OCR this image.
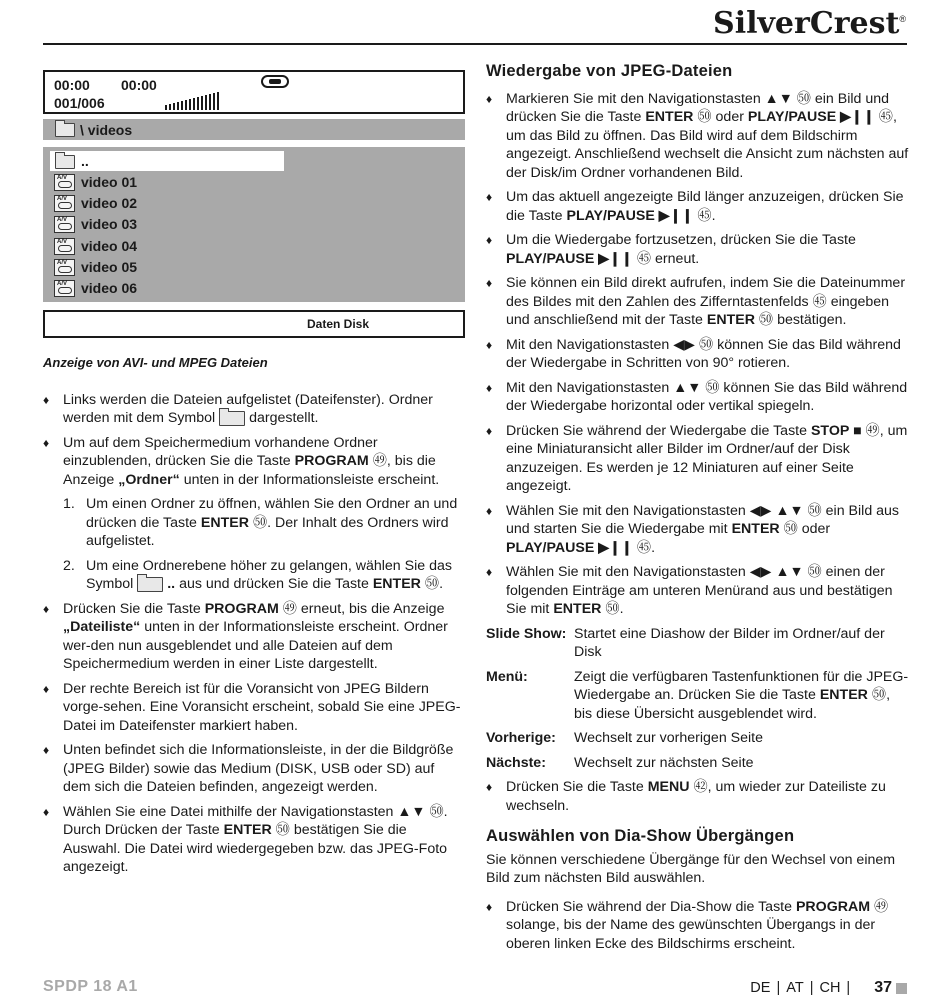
SilverCrest®
00:00 00:00
001/006
\ videos
..
A/V video 01
A/V video 02
A/V video 03
A/V video 04
A/V video 05
A/V video 06
Daten Disk

Anzeige von AVI- und MPEG Dateien

♦ Links werden die Dateien aufgelistet (Dateifenster). Ordner werden mit dem Symbol dargestellt.

♦ Um auf dem Speichermedium vorhandene Ordner einzublenden, drücken Sie die Taste PROGRAM ㊾, bis die Anzeige „Ordner“ unten in der Informationsleiste erscheint.

1. Um einen Ordner zu öffnen, wählen Sie den Ordner an und drücken die Taste ENTER ㊿. Der Inhalt des Ordners wird aufgelistet.

2. Um eine Ordnerebene höher zu gelangen, wählen Sie das Symbol .. aus und drücken Sie die Taste ENTER ㊿.

♦ Drücken Sie die Taste PROGRAM ㊾ erneut, bis die Anzeige „Dateiliste“ unten in der Informationsleiste erscheint. Ordner wer-den nun ausgeblendet und alle Dateien auf dem Speichermedium werden in einer Liste dargestellt.

♦ Der rechte Bereich ist für die Voransicht von JPEG Bildern vorge-sehen. Eine Voransicht erscheint, sobald Sie eine JPEG-Datei im Dateifenster markiert haben.

♦ Unten befindet sich die Informationsleiste, in der die Bildgröße (JPEG Bilder) sowie das Medium (DISK, USB oder SD) auf dem sich die Dateien befinden, angezeigt werden.

♦ Wählen Sie eine Datei mithilfe der Navigationstasten ▲▼ ㊿. Durch Drücken der Taste ENTER ㊿ bestätigen Sie die Auswahl. Die Datei wird wiedergegeben bzw. das JPEG-Foto angezeigt.

Wiedergabe von JPEG-Dateien

♦ Markieren Sie mit den Navigationstasten ▲▼ ㊿ ein Bild und drücken Sie die Taste ENTER ㊿ oder PLAY/PAUSE ▶❙❙ ㊺, um das Bild zu öffnen. Das Bild wird auf dem Bildschirm angezeigt. Anschließend wechselt die Ansicht zum nächsten auf der Disk/im Ordner vorhandenen Bild.

♦ Um das aktuell angezeigte Bild länger anzuzeigen, drücken Sie die Taste PLAY/PAUSE ▶❙❙ ㊺.

♦ Um die Wiedergabe fortzusetzen, drücken Sie die Taste PLAY/PAUSE ▶❙❙ ㊺ erneut.

♦ Sie können ein Bild direkt aufrufen, indem Sie die Dateinummer des Bildes mit den Zahlen des Zifferntastenfelds ㊺ eingeben und anschließend mit der Taste ENTER ㊿ bestätigen.

♦ Mit den Navigationstasten ◀▶ ㊿ können Sie das Bild während der Wiedergabe in Schritten von 90° rotieren.

♦ Mit den Navigationstasten ▲▼ ㊿ können Sie das Bild während der Wiedergabe horizontal oder vertikal spiegeln.

♦ Drücken Sie während der Wiedergabe die Taste STOP ■ ㊾, um eine Miniaturansicht aller Bilder im Ordner/auf der Disk anzuzeigen. Es werden je 12 Miniaturen auf einer Seite angezeigt.

♦ Wählen Sie mit den Navigationstasten ◀▶ ▲▼ ㊿ ein Bild aus und starten Sie die Wiedergabe mit ENTER ㊿ oder PLAY/PAUSE ▶❙❙ ㊺.

♦ Wählen Sie mit den Navigationstasten ◀▶ ▲▼ ㊿ einen der folgenden Einträge am unteren Menürand aus und bestätigen Sie mit ENTER ㊿.

Slide Show: Startet eine Diashow der Bilder im Ordner/auf der Disk
Menü:	Zeigt die verfügbaren Tastenfunktionen für die JPEG-Wiedergabe an. Drücken Sie die Taste ENTER ㊿, bis diese Übersicht ausgeblendet wird.
Vorherige: Wechselt zur vorherigen Seite
Nächste: Wechselt zur nächsten Seite

♦ Drücken Sie die Taste MENU ㊷, um wieder zur Dateiliste zu wechseln.

Auswählen von Dia-Show Übergängen

Sie können verschiedene Übergänge für den Wechsel von einem Bild zum nächsten Bild auswählen.

♦ Drücken Sie während der Dia-Show die Taste PROGRAM ㊾ solange, bis der Name des gewünschten Übergangs in der oberen linken Ecke des Bildschirms erscheint.

SPDP 18 A1	DE | AT | CH | 37
